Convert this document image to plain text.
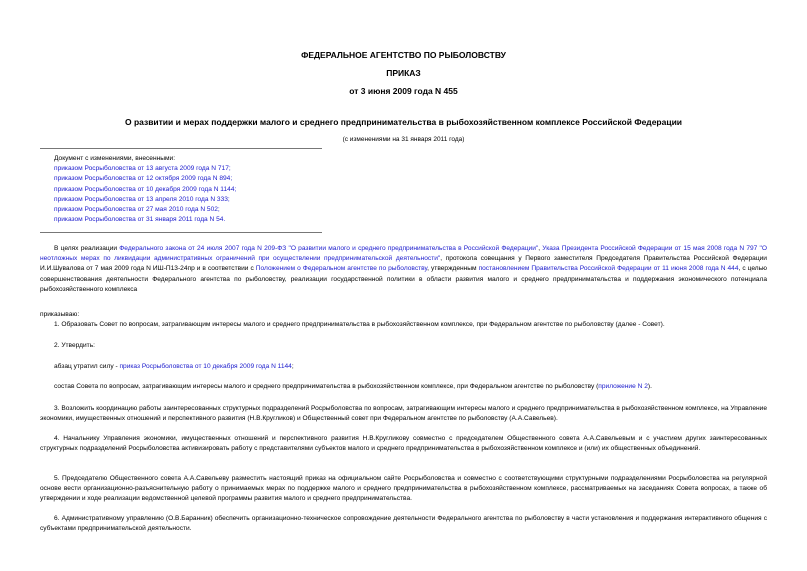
ФЕДЕРАЛЬНОЕ АГЕНТСТВО ПО РЫБОЛОВСТВУ
ПРИКАЗ
от 3 июня 2009 года N 455
О развитии и мерах поддержки малого и среднего предпринимательства в рыбохозяйственном комплексе Российской Федерации
(с изменениями на 31 января 2011 года)
Документ с изменениями, внесенными:
приказом Росрыболовства от 13 августа 2009 года N 717;
приказом Росрыболовства от 12 октября 2009 года N 894;
приказом Росрыболовства от 10 декабря 2009 года N 1144;
приказом Росрыболовства от 13 апреля 2010 года N 333;
приказом Росрыболовства от 27 мая 2010 года N 502;
приказом Росрыболовства от 31 января 2011 года N 54.
В целях реализации Федерального закона от 24 июля 2007 года N 209-ФЗ "О развитии малого и среднего предпринимательства в Российской Федерации", Указа Президента Российской Федерации от 15 мая 2008 года N 797 "О неотложных мерах по ликвидации административных ограничений при осуществлении предпринимательской деятельности", протокола совещания у Первого заместителя Председателя Правительства Российской Федерации И.И.Шувалова от 7 мая 2009 года N ИШ-П13-24пр и в соответствии с Положением о Федеральном агентстве по рыболовству, утвержденным постановлением Правительства Российской Федерации от 11 июня 2008 года N 444, с целью совершенствования деятельности Федерального агентства по рыболовству, реализации государственной политики в области развития малого и среднего предпринимательства и поддержания экономического потенциала рыбохозяйственного комплекса
приказываю:
1. Образовать Совет по вопросам, затрагивающим интересы малого и среднего предпринимательства в рыбохозяйственном комплексе, при Федеральном агентстве по рыболовству (далее - Совет).
2. Утвердить:
абзац утратил силу - приказ Росрыболовства от 10 декабря 2009 года N 1144;
состав Совета по вопросам, затрагивающим интересы малого и среднего предпринимательства в рыбохозяйственном комплексе, при Федеральном агентстве по рыболовству (приложение N 2).
3. Возложить координацию работы заинтересованных структурных подразделений Росрыболовства по вопросам, затрагивающим интересы малого и среднего предпринимательства в рыбохозяйственном комплексе, на Управление экономики, имущественных отношений и перспективного развития (Н.В.Кругликов) и Общественный совет при Федеральном агентстве по рыболовству (А.А.Савельев).
4. Начальнику Управления экономики, имущественных отношений и перспективного развития Н.В.Кругликову совместно с председателем Общественного совета А.А.Савельевым и с участием других заинтересованных структурных подразделений Росрыболовства активизировать работу с представителями субъектов малого и среднего предпринимательства в рыбохозяйственном комплексе и (или) их общественных объединений.
5. Председателю Общественного совета А.А.Савельеву разместить настоящий приказ на официальном сайте Росрыболовства и совместно с соответствующими структурными подразделениями Росрыболовства на регулярной основе вести организационно-разъяснительную работу о принимаемых мерах по поддержке малого и среднего предпринимательства в рыбохозяйственном комплексе, рассматриваемых на заседаниях Совета вопросах, а также об утверждении и ходе реализации ведомственной целевой программы развития малого и среднего предпринимательства.
6. Административному управлению (О.В.Баранник) обеспечить организационно-техническое сопровождение деятельности Федерального агентства по рыболовству в части установления и поддержания интерактивного общения с субъектами предпринимательской деятельности.
